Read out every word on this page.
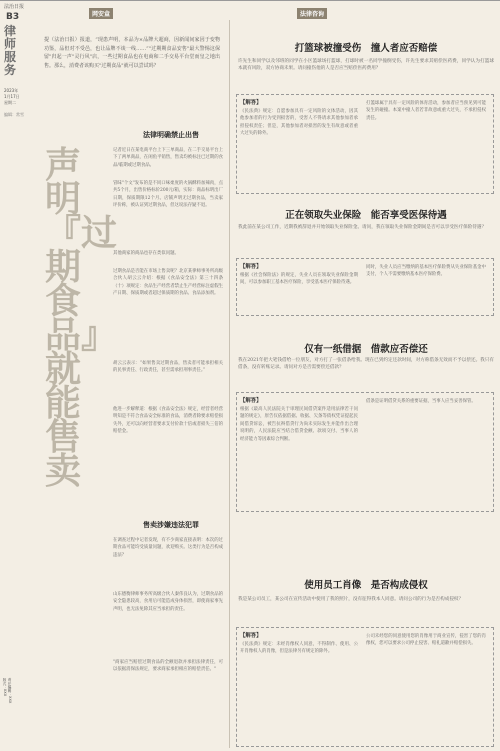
法治日报
B3
律师服务
2023年
1月17日
星期二
编辑：常雪
責任編輯：XXX
版式：XXX
网安盒	法律咨询

提（法治日报）报道，“现患声明，本品为×品牌大超商，因新闻间家因于变物功鉴，品但对不受邑，也让品牌不谈一线……”"过期期食品安售"最大警惕这保留"归起一声"灵行风"店，一些过期食品也在电商和二手交易平台堂而皇之地出售。那么，消费者该购买"过期食品"就可以尝试吗？

声明『过期食品』就能售卖
法律明确禁止出售

记者近日在某电商平台上下三单商品，在二手交易平台上下了两单商品，在闲鱼平销售，售卖均被标注已过期的食品/临期或过期食品。

冒昧"个文"发布的是不同口味柔度的火锅酥料加辣肉，点共5个月，出售价格标价200元/箱，实际：商品标明出厂日期，保质期限12个月。店铺声明无过期食品，当卖家评价称，被认证到过期食品，但这说法存疑不退。

其他商家的商品也存在类似问题。

过期食品是否能在市场上售卖呢？北京某律师事务所高级合伙人胡云云介绍：根据《食品安全法》第三十四条（十）项规定：食品生产经营者禁止生产经营标注虚假生产日期、保质期或者超过保质期的食品、食品添加剂。

胡云云表示：“如果售卖过期食品，售卖者可能承担相关的民事责任、行政责任，甚至需承担刑事责任。”

他进一步解释道：根据《食品安全法》规定，经营者经营明知是不符合食品安全标准的食品，消费者除要求赔偿损失外，还可以向经营者要求支付价款十倍或者损失三倍的赔偿金。

售卖涉嫌违法犯罪

在调查过程中记者发现，有不少商家直接表明：本次的过期食品可能均受质量问题，欢迎购买。这类行为是否构成违法？

山东德衡律师事务所高级合伙人秦伟良认为，过期食品的安全隐患较高，食用后可能造成身体损害，即使商家事先声明，也无法免除其应当承担的责任。

"商家应当赔偿过期食品的全额退款并承担法律责任，可以依据消保法规定，要求商家承担相应的赔偿责任。"

打篮球被撞受伤　撞人者应否赔偿

许先生和同学以及邻班的同学在小区篮球场打篮球，打球时被一名同学撞倒受伤，许先生要求其赔偿医药费，同学认为打篮球本就有风险，双方协商未果。请问撞伤他的人是否应当赔偿医药费用？

【解答】

《民法典》规定：自愿参加具有一定风险的文体活动，因其他参加者的行为受到损害的，受害人不得请求其他参加者承担侵权责任；但是，其他参加者对损害的发生有故意或者重大过失的除外。

打篮球属于具有一定风险的体育活动，参加者应当预见到可能发生的碰撞。本案中撞人者若非故意或重大过失，不承担侵权责任。

正在领取失业保险　能否享受医保待遇

我此前在某公司工作，近期我被辞退并开始领取失业保险金。请问，我在领取失业保险金期间是否可以享受医疗保险待遇？

【解答】

根据《社会保险法》的规定，失业人员在领取失业保险金期间，可以参加职工基本医疗保险，享受基本医疗保险待遇。

同时，失业人员应当缴纳的基本医疗保险费从失业保险基金中支付，个人不需要缴纳基本医疗保险费。

仅有一纸借据　借款应否偿还

我在2021年把大笔钱借给一位朋友，对方打了一张借条给我。现在已到约定还款时间，对方称借条无效而不予以偿还。我只有借条，没有转账记录。请问对方是否需要偿还借款？

【解答】

根据《最高人民法院关于审理民间借贷案件适用法律若干问题的规定》，原告仅依据借据、收据、欠条等债权凭证提起民间借贷诉讼，被告抗辩借贷行为尚未实际发生并能作出合理说明的，人民法院应当结合借贷金额、款项交付、当事人的经济能力等因素综合判断。

借条是证明借贷关系的重要证据，当事人应当妥善保管。

使用员工肖像　是否构成侵权

我是某公司员工，某公司在宣传活动中使用了我的照片，没有征得我本人同意。请问公司的行为是否构成侵权？

【解答】

《民法典》规定：未经肖像权人同意，不得制作、使用、公开肖像权人的肖像，但是法律另有规定的除外。

公司未经您的同意使用您的肖像用于商业宣传，侵害了您的肖像权，您可以要求公司停止侵害、赔礼道歉并赔偿损失。
